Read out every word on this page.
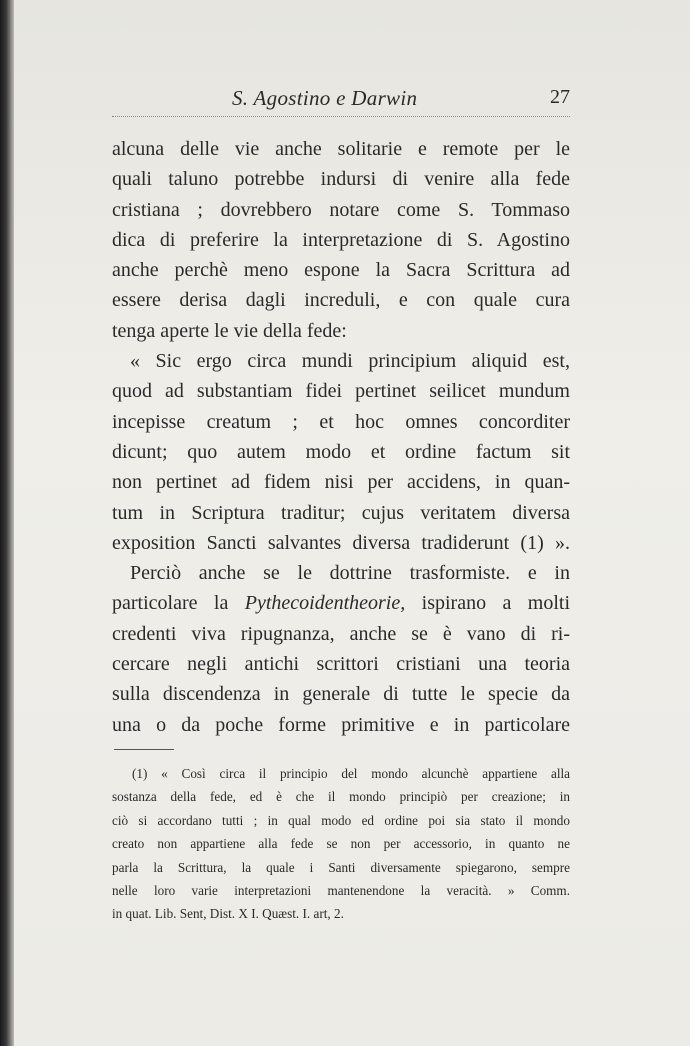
S. Agostino e Darwin	27
alcuna delle vie anche solitarie e remote per le
quali taluno potrebbe indursi di venire alla fede
cristiana ; dovrebbero notare come S. Tommaso
dica di preferire la interpretazione di S. Agostino
anche perchè meno espone la Sacra Scrittura ad
essere derisa dagli increduli, e con quale cura
tenga aperte le vie della fede:
« Sic ergo circa mundi principium aliquid est,
quod ad substantiam fidei pertinet seilicet mundum
incepisse creatum ; et hoc omnes concorditer
dicunt; quo autem modo et ordine factum sit
non pertinet ad fidem nisi per accidens, in quan-
tum in Scriptura traditur; cujus veritatem diversa
exposition Sancti salvantes diversa tradiderunt (1) ».
Perciò anche se le dottrine trasformiste. e in
particolare la Pythecoidentheorie, ispirano a molti
credenti viva ripugnanza, anche se è vano di ri-
cercare negli antichi scrittori cristiani una teoria
sulla discendenza in generale di tutte le specie da
una o da poche forme primitive e in particolare
(1) « Così circa il principio del mondo alcunchè appartiene alla
sostanza della fede, ed è che il mondo principiò per creazione; in
ciò si accordano tutti ; in qual modo ed ordine poi sia stato il mondo
creato non appartiene alla fede se non per accessorio, in quanto ne
parla la Scrittura, la quale i Santi diversamente spiegarono, sempre
nelle loro varie interpretazioni mantenendone la veracità. » Comm.
in quat. Lib. Sent, Dist. X I. Quæst. I. art, 2.
